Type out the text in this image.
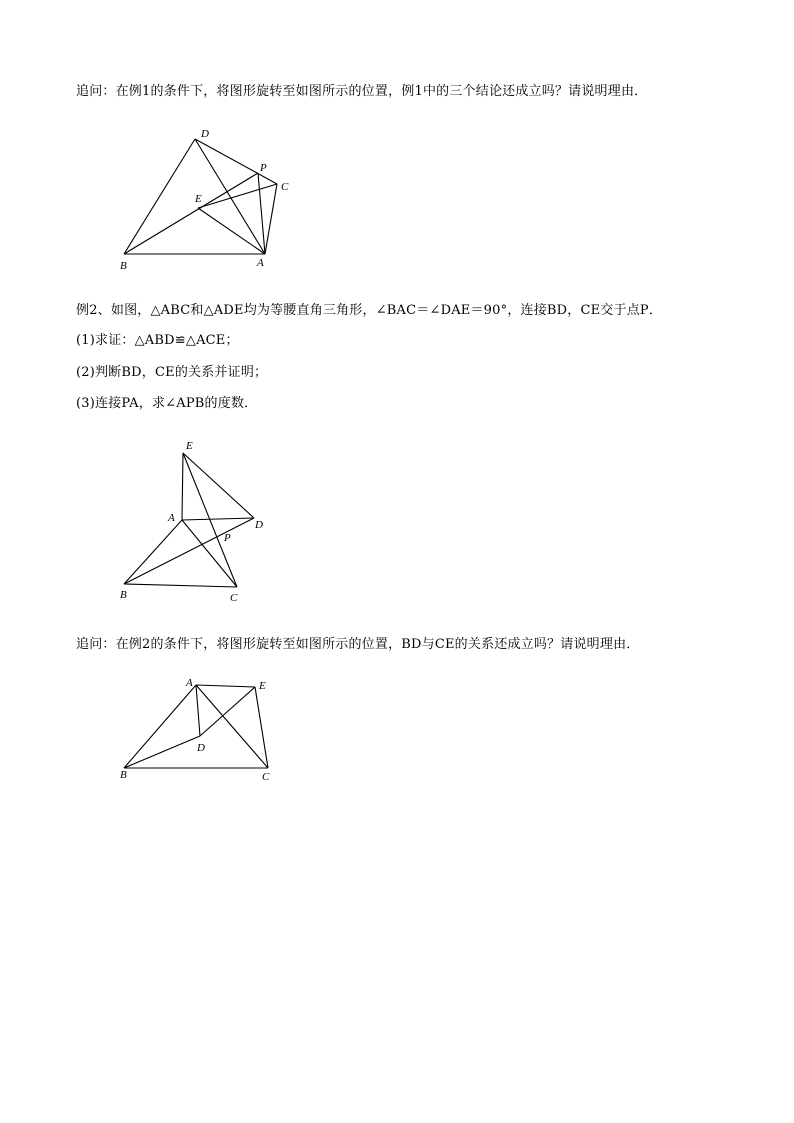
追问：在例1的条件下，将图形旋转至如图所示的位置，例1中的三个结论还成立吗？请说明理由．
D
P
C
E
B	A
例2、如图，△ABC和△ADE均为等腰直角三角形，∠BAC＝∠DAE＝90°，连接BD，CE交于点P．
(1)求证：△ABD≌△ACE；
(2)判断BD，CE的关系并证明；
(3)连接PA，求∠APB的度数．
E
A
D
P
B	C
追问：在例2的条件下，将图形旋转至如图所示的位置，BD与CE的关系还成立吗？请说明理由．
A	E
D
B	C
